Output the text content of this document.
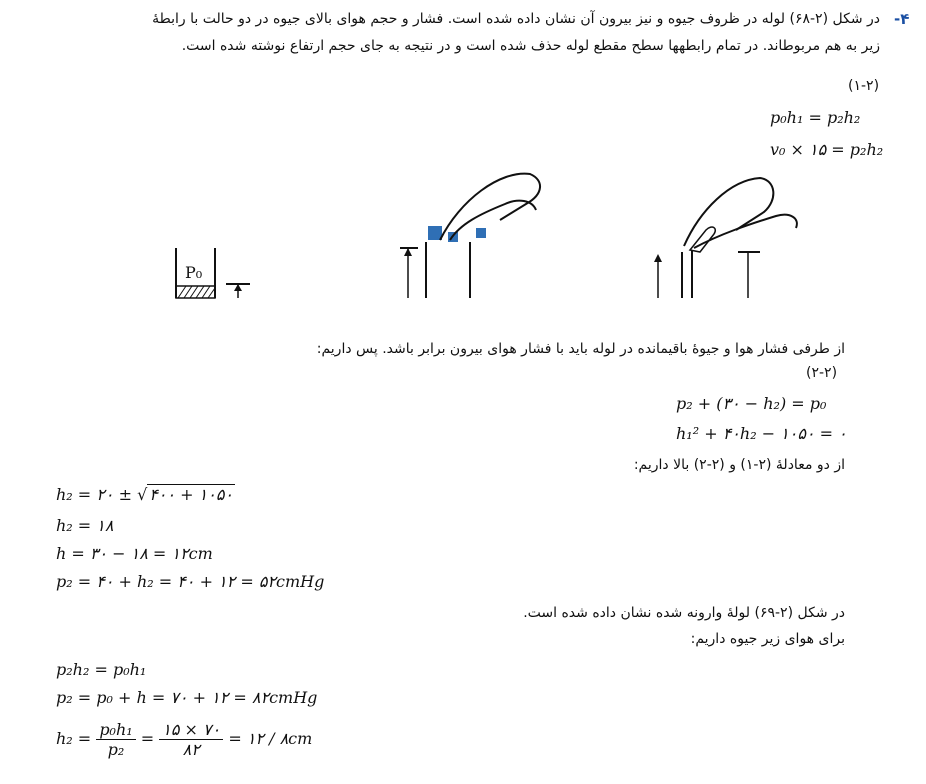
-۴
در شکل (۲-۶۸) لوله در ظروف جیوه و نیز بیرون آن نشان داده شده است. فشار و حجم هوای بالای جیوه در دو حالت با رابطهٔ زیر به هم مربوطاند. در تمام رابطهها سطح مقطع لوله حذف شده است و در نتیجه به جای حجم ارتفاع نوشته شده است.
(۱-۲)
p₀h₁ = p₂h₂
v₀ × ۱۵ = p₂h₂
P₀
از طرفی فشار هوا و جیوهٔ باقیمانده در لوله باید با فشار هوای بیرون برابر باشد. پس داریم:
(۲-۲)
p₂ + (۳۰ − h₂) = p₀
h₁² + ۴۰h₂ − ۱۰۵۰ = ۰
از دو معادلهٔ (۲-۱) و (۲-۲) بالا داریم:
h₂ = ۲۰ ± √ ۴۰۰ + ۱۰۵۰
h₂ = ۱۸
h = ۳۰ − ۱۸ = ۱۲cm
p₂ = ۴۰ + h₂ = ۴۰ + ۱۲ = ۵۲cmHg
در شکل (۲-۶۹) لولهٔ وارونه شده نشان داده شده است.
برای هوای زیر جیوه داریم:
p₂h₂ = p₀h₁
p₂ = p₀ + h = ۷۰ + ۱۲ = ۸۲cmHg
$h_2 = \frac{\text{p₀h₁}}{\text{p₂}} = \frac{۱۵ \times ۷۰}{۸۲}$ = ۱۲ / ۸cm
